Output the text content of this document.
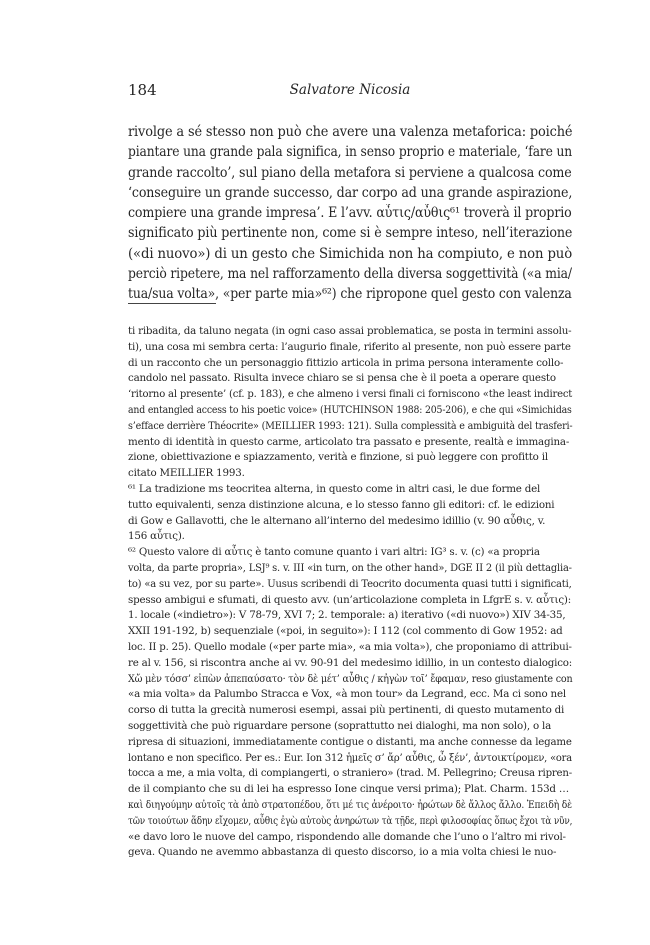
184	Salvatore Nicosia
rivolge a sé stesso non può che avere una valenza metaforica: poiché
piantare una grande pala significa, in senso proprio e materiale, ‘fare un
grande raccolto’, sul piano della metafora si perviene a qualcosa come
‘conseguire un grande successo, dar corpo ad una grande aspirazione,
compiere una grande impresa’. E l’avv. αὖτις/αὖθις⁶¹ troverà il proprio
significato più pertinente non, come si è sempre inteso, nell’iterazione
(«di nuovo») di un gesto che Simichida non ha compiuto, e non può
perciò ripetere, ma nel rafforzamento della diversa soggettività («a mia/
tua/sua volta», «per parte mia»⁶²) che ripropone quel gesto con valenza
ti ribadita, da taluno negata (in ogni caso assai problematica, se posta in termini assolu-
ti), una cosa mi sembra certa: l’augurio finale, riferito al presente, non può essere parte
di un racconto che un personaggio fittizio articola in prima persona interamente collo-
candolo nel passato. Risulta invece chiaro se si pensa che è il poeta a operare questo
‘ritorno al presente’ (cf. p. 183), e che almeno i versi finali ci forniscono «the least indirect
and entangled access to his poetic voice» (HUTCHINSON 1988: 205-206), e che qui «Simichidas
s’efface derrière Théocrite» (MEILLIER 1993: 121). Sulla complessità e ambiguità del trasferi-
mento di identità in questo carme, articolato tra passato e presente, realtà e immagina-
zione, obiettivazione e spiazzamento, verità e finzione, si può leggere con profitto il
citato MEILLIER 1993.
⁶¹ La tradizione ms teocritea alterna, in questo come in altri casi, le due forme del
tutto equivalenti, senza distinzione alcuna, e lo stesso fanno gli editori: cf. le edizioni
di Gow e Gallavotti, che le alternano all’interno del medesimo idillio (v. 90 αὖθις, v.
156 αὖτις).
⁶² Questo valore di αὖτις è tanto comune quanto i vari altri: IG³ s. v. (c) «a propria
volta, da parte propria», LSJ⁹ s. v. III «in turn, on the other hand», DGE II 2 (il più dettaglia-
to) «a su vez, por su parte». Uusus scribendi di Teocrito documenta quasi tutti i significati,
spesso ambigui e sfumati, di questo avv. (un’articolazione completa in LfgrE s. v. αὖτις):
1. locale («indietro»): V 78-79, XVI 7; 2. temporale: a) iterativo («di nuovo») XIV 34-35,
XXII 191-192, b) sequenziale («poi, in seguito»): I 112 (col commento di Gow 1952: ad
loc. II p. 25). Quello modale («per parte mia», «a mia volta»), che proponiamo di attribui-
re al v. 156, si riscontra anche ai vv. 90-91 del medesimo idillio, in un contesto dialogico:
Χὤ μὲν τόσσ’ εἰπὼν ἀπεπαύσατο· τὸν δὲ μέτ’ αὖθις / κἠγὼν τοῖ’ ἔφαμαν, reso giustamente con
«a mia volta» da Palumbo Stracca e Vox, «à mon tour» da Legrand, ecc. Ma ci sono nel
corso di tutta la grecità numerosi esempi, assai più pertinenti, di questo mutamento di
soggettività che può riguardare persone (soprattutto nei dialoghi, ma non solo), o la
ripresa di situazioni, immediatamente contigue o distanti, ma anche connesse da legame
lontano e non specifico. Per es.: Eur. Ion 312 ἡμεῖς σ’ ἄρ’ αὖθις, ὦ ξέν’, ἀντοικτίρομεν, «ora
tocca a me, a mia volta, di compiangerti, o straniero» (trad. M. Pellegrino; Creusa ripren-
de il compianto che su di lei ha espresso Ione cinque versi prima); Plat. Charm. 153d …
καὶ διηγούμην αὐτοῖς τὰ ἀπὸ στρατοπέδου, ὅτι μέ τις ἀνέροιτο· ἠρώτων δὲ ἄλλος ἄλλο. Ἐπειδὴ δὲ
τῶν τοιούτων ἅδην εἴχομεν, αὖθις ἐγὼ αὐτοὺς ἀνηρώτων τὰ τῇδε, περὶ φιλοσοφίας ὅπως ἔχοι τὰ νῦν,
«e davo loro le nuove del campo, rispondendo alle domande che l’uno o l’altro mi rivol-
geva. Quando ne avemmo abbastanza di questo discorso, io a mia volta chiesi le nuo-
